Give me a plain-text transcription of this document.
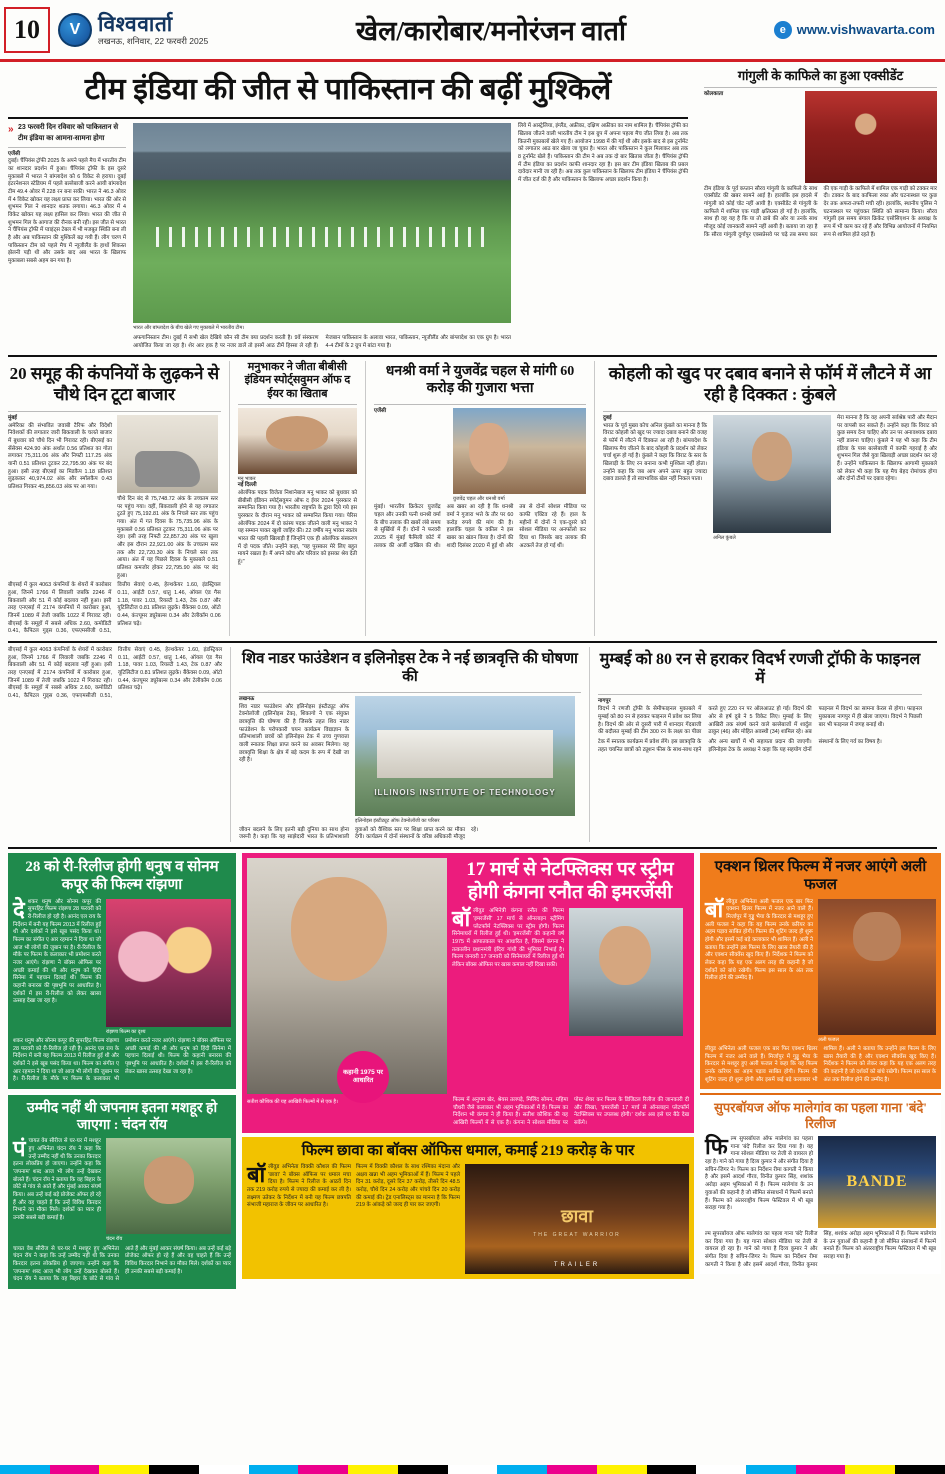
10	V विश्ववार्ता
लखनऊ, शनिवार, 22 फरवरी 2025	खेल/कारोबार/मनोरंजन वार्ता	e www.vishwavarta.com
टीम इंडिया की जीत से पाकिस्तान की बढ़ीं मुश्किलें
» 23 फरवरी दिन रविवार को पाकिस्तान से टीम इंडिया का आमना-सामना होगा
एजेंसी
दुबई। चैंपियंस ट्रॉफी 2025 के अपने पहले मैच में भारतीय टीम का शानदार प्रदर्शन में हुआ। चैंपियंस ट्रॉफी के इस दूसरे मुकाबले में भारत ने बांग्लादेश को 6 विकेट से हराया। दुबई इंटरनेशनल स्टेडियम में पहले बल्लेबाजी करने आयी बांग्लादेश टीम 49.4 ओवर में 228 रन बना सकी। भारत ने 46.3 ओवर में 4 विकेट खोकर यह लक्ष्य प्राप्त कर लिया। भारत की ओर से शुभमन गिल ने शानदार शतक लगाया। 46.3 ओवर में 4 विकेट खोकर यह लक्ष्य हासिल कर लिया। भारत की जीत से शुभमन गिल के आगाज की रौनक बनी रही। इस जीत से भारत ने चैंपियंस ट्रॉफी में प्वाइंट्स टेबल में भी मजबूत स्थिति बना ली है और अब पाकिस्तान की मुश्किलें बढ़ गयी हैं। लीग चरण में पाकिस्तान टीम को पहले मैच में न्यूजीलैंड के हाथों शिकस्त झेलनी पड़ी थी और उसके बाद अब भारत के खिलाफ मुकाबला सबसे अहम बन गया है।
भारत और बांग्लादेश के बीच खेले गए मुकाबले में भारतीय टीम।
अफगानिस्तान टीम। दुबई में सभी खेल देखिये कौन सी टीम क्या प्रदर्शन करती है। 9वें संस्करण आयोजित किया जा रहा है। शेर आर हक है पर नजर डालें तो इसमें आठ टीमें हिस्सा ले रही हैं। मेजबान पाकिस्तान के अलावा भारत, पाकिस्तान, न्यूजीलैंड और बांग्लादेश का एक ग्रुप है। भारत 4-4 टीमों के 2 ग्रुप में बांटा गया है।
लिये में आस्ट्रेलिया, इंग्लैंड, अफ्रीका, दक्षिण अफ्रीका का नाम शामिल है। चैंपियंस ट्रॉफी का खिताब जीतने वाली भारतीय टीम ने इस ग्रुप में अपना पहला मैच जीत लिया है। अब तक कितनी मुकाबलों खेले गए हैं। आयोजन 1998 में की गई थी और इसके बाद से इस टूर्नामेंट को लगातार आठ बार खेला जा चुका है। भारत और पाकिस्तान ने कुल मिलाकर अब तक 8 टूर्नामेंट खेले हैं। पाकिस्तान की टीम ने अब तक दो बार खिताब जीता है। चैंपियंस ट्रॉफी में टीम इंडिया का प्रदर्शन काफी शानदार रहा है। इस बार टीम इंडिया खिताब की प्रबल दावेदार मानी जा रही है। अब तक कुल पाकिस्तान के खिलाफ टीम इंडिया ने चैंपियंस ट्रॉफी में जीत दर्ज की है और पाकिस्तान के खिलाफ अच्छा प्रदर्शन किया है।
गांगुली के काफिले का हुआ एक्सीडेंट
कोलकाता
टीम इंडिया के पूर्व कप्तान सौरव गांगुली के काफिले के साथ एक्सीडेंट की खबर सामने आई है। हालांकि इस हादसे में गांगुली को कोई चोट नहीं आयी है। एक्सीडेंट से गांगुली के काफिले में शामिल एक गाड़ी क्षतिग्रस्त हो गई है। हालांकि, साथ ही वह यह है कि या तो ढाबे की ओर या उनके साथ मौजूद कोई जानकारी सामने नहीं आयी है। बताया जा रहा है कि सौरव गांगुली दुर्गापुर एक्सप्रेसवे पर चढ़े तब समय कार की एक गाड़ी के काफिले में शामिल एक गाड़ी को टक्कर मार दी। टक्कर के बाद काफिला रुका और घटनास्थल पर कुछ देर तक अफरा-तफरी मची रही। हालांकि, स्थानीय पुलिस ने घटनास्थल पर पहुंचकर स्थिति को सामान्य किया। सौरव गांगुली इस समय बंगाल क्रिकेट एसोसिएशन के अध्यक्ष के रूप में भी काम कर रहे हैं और विभिन्न आयोजनों में नियमित रूप से शामिल होते रहते हैं।
20 समूह की कंपनियों के लुढ़कने से चौथे दिन टूटा बाजार
मुंबई
अमेरिका की संभावित जवाबी टैरिफ और विदेशी निवेशकों की लगातार जारी बिकवाली के चलते बाजार में बुधवार को चौथे दिन भी गिरावट रही। बीएसई का सेंसेक्स 424.90 अंक अर्थात 0.56 प्रतिशत का गोता लगाकर 75,311.06 अंक और निफ्टी 117.25 अंक यानी 0.51 प्रतिशत टूटकर 22,795.90 अंक पर बंद हुआ। इसी तरह बीएसई का मिडकैप 1.18 प्रतिशत लुढ़ककर 40,974.02 अंक और स्मॉलकैप 0.43 प्रतिशत गिरकर 45,856.03 अंक पर आ गया।
चौथे दिन बंद से 75,748.72 अंक के उच्चतम स्तर पर पहुंच गया। वहीं, बिकवाली होने से यह लगातार टूटते हुए 75,192.81 अंक के निचले स्तर तक पहुंच गया। अंत में गत दिवस के 75,735.96 अंक के मुकाबले 0.56 प्रतिशत टूटकर 75,311.06 अंक पर रहा। इसी तरह निफ्टी 22,857.20 अंक पर खुला और इस दौरान 22,921.00 अंक के उच्चतम स्तर तक और 22,720.30 अंक के निचले स्तर तक आया। अंत में यह पिछले दिवस के मुकाबले 0.51 प्रतिशत कमजोर होकर 22,795.90 अंक पर बंद हुआ।
बीएसई में कुल 4063 कंपनियों के शेयरों में कारोबार हुआ, जिनमें 1766 में लिवाली जबकि 2246 में बिकवाली और 51 में कोई बदलाव नहीं हुआ। इसी तरह एनएसई में 2174 कंपनियों में कारोबार हुआ, जिनमें 1089 में तेजी जबकि 1022 में गिरावट रही। बीएसई के समूहों में सबसे अधिक 2.60, कमोडिटी 0.41, कैपिटल गुड्स 0.36, एफएमसीजी 0.51, वित्तीय सेवाएं 0.45, हेल्थकेयर 1.60, इंडस्ट्रियल 0.11, आईटी 0.57, धातु 1.46, ऑयल एंड गैस 1.18, पावर 1.03, रियल्टी 1.43, टेक 0.87 और यूटिलिटीज 0.81 प्रतिशत लुढ़के। बैंकेक्स 0.09, ऑटो 0.44, कंज्यूमर ड्यूरेबल्स 0.34 और टेलीकॉम 0.06 प्रतिशत चढ़े।
मनुभाकर ने जीता बीबीसी इंडियन स्पोर्ट्सवुमन ऑफ द ईयर का खिताब
मनु भाकर
नई दिल्ली
ओलंपिक पदक विजेता निशानेबाज मनु भाकर को बुधवार को बीबीसी इंडियन स्पोर्ट्सवुमन ऑफ द ईयर 2024 पुरस्कार से सम्मानित किया गया है। भारतीय राष्ट्रपति के द्वारा दिये गये इस पुरस्कार के दौरान मनु भाकर को सम्मानित किया गया। पेरिस ओलंपिक 2024 में दो कांस्य पदक जीतने वाली मनु भाकर ने यह सम्मान पाकर खुशी जाहिर की। 22 वर्षीय मनु भाकर स्वतंत्र भारत की पहली खिलाड़ी हैं जिन्होंने एक ही ओलंपिक संस्करण में दो पदक जीते। उन्होंने कहा, ''यह पुरस्कार मेरे लिए बहुत मायने रखता है। मैं अपने कोच और परिवार को इसका श्रेय देती हूं।''
धनश्री वर्मा ने युजवेंद्र चहल से मांगी 60 करोड़ की गुजारा भत्ता
एजेंसी
युजवेंद्र चहल और धनश्री वर्मा
मुंबई। भारतीय क्रिकेटर युजवेंद्र चहल और उनकी पत्नी धनश्री वर्मा के बीच तलाक की खबरें लंबे समय से सुर्खियों में हैं। दोनों ने फरवरी 2025 में मुंबई फैमिली कोर्ट में तलाक की अर्जी दाखिल की थी। अब खबर आ रही है कि धनश्री वर्मा ने गुजारा भत्ते के तौर पर 60 करोड़ रुपये की मांग की है। हालांकि चहल के वकील ने इस खबर का खंडन किया है। दोनों की शादी दिसंबर 2020 में हुई थी और तब से दोनों सोशल मीडिया पर काफी एक्टिव रहे हैं। हाल के महीनों में दोनों ने एक-दूसरे को सोशल मीडिया पर अनफॉलो कर दिया था जिसके बाद तलाक की अटकलें तेज हो गई थीं।
कोहली को खुद पर दबाव बनाने से फॉर्म में लौटने में आ रही है दिक्कत : कुंबले
दुबई
भारत के पूर्व मुख्य कोच अनिल कुंबले का मानना है कि विराट कोहली को खुद पर ज्यादा दबाव बनाने की वजह से फॉर्म में लौटने में दिक्कत आ रही है। बांग्लादेश के खिलाफ मैच जीतने के बाद कोहली के प्रदर्शन को लेकर चर्चा शुरू हो गई है। कुंबले ने कहा कि विराट के स्तर के खिलाड़ी के लिए रन बनाना कभी मुश्किल नहीं होता। उन्होंने कहा कि जब आप अपने ऊपर बहुत ज्यादा दबाव डालते हैं तो स्वाभाविक खेल नहीं निकल पाता।
अनिल कुंबले
मेरा मानना है कि वह अपनी सर्वश्रेष्ठ पारी और मैदान पर वापसी कर सकते हैं। उन्होंने कहा कि विराट को कुछ समय देना चाहिए और उन पर अनावश्यक दबाव नहीं डालना चाहिए। कुंबले ने यह भी कहा कि टीम इंडिया के पास बल्लेबाजी में काफी गहराई है और शुभमन गिल जैसे युवा खिलाड़ी अच्छा प्रदर्शन कर रहे हैं। उन्होंने पाकिस्तान के खिलाफ आगामी मुकाबले को लेकर भी कहा कि यह मैच बेहद रोमांचक होगा और दोनों टीमों पर दबाव रहेगा।
बीएसई में कुल 4063 कंपनियों के शेयरों में कारोबार हुआ, जिनमें 1766 में लिवाली जबकि 2246 में बिकवाली और 51 में कोई बदलाव नहीं हुआ। इसी तरह एनएसई में 2174 कंपनियों में कारोबार हुआ, जिनमें 1089 में तेजी जबकि 1022 में गिरावट रही। बीएसई के समूहों में सबसे अधिक 2.60, कमोडिटी 0.41, कैपिटल गुड्स 0.36, एफएमसीजी 0.51, वित्तीय सेवाएं 0.45, हेल्थकेयर 1.60, इंडस्ट्रियल 0.11, आईटी 0.57, धातु 1.46, ऑयल एंड गैस 1.18, पावर 1.03, रियल्टी 1.43, टेक 0.87 और यूटिलिटीज 0.81 प्रतिशत लुढ़के। बैंकेक्स 0.09, ऑटो 0.44, कंज्यूमर ड्यूरेबल्स 0.34 और टेलीकॉम 0.06 प्रतिशत चढ़े।
शिव नाडर फाउंडेशन व इलिनोइस टेक ने नई छात्रवृत्ति की घोषणा की
लखनऊ
शिव नाडर फाउंडेशन और इलिनोइस इंस्टीट्यूट ऑफ टेक्नोलॉजी (इलिनोइस टेक), शिकागो ने एक संयुक्त छात्रवृत्ति की घोषणा की है जिसके तहत शिव नाडर फाउंडेशन के परोपकारी चयन कार्यक्रम विद्याज्ञान के प्रतिभाशाली छात्रों को इलिनोइस टेक में उच्च गुणवत्ता वाली स्नातक शिक्षा प्राप्त करने का अवसर मिलेगा। यह छात्रवृत्ति शिक्षा के क्षेत्र में बड़े कदम के रूप में देखी जा रही है।
ILLINOIS INSTITUTE OF TECHNOLOGY
इलिनोइस इंस्टीट्यूट ऑफ टेक्नोलॉजी का परिसर
जीवन बदलने के लिए इतनी बड़ी दुनिया का साथ होना जरूरी है। कहा कि यह साझेदारी भारत के प्रतिभाशाली युवाओं को वैश्विक स्तर पर शिक्षा प्राप्त करने का मौका देगी। कार्यक्रम में दोनों संस्थानों के वरिष्ठ अधिकारी मौजूद रहे।
मुम्बई को 80 रन से हराकर विदर्भ रणजी ट्रॉफी के फाइनल में
नागपुर
विदर्भ ने रणजी ट्रॉफी के सेमीफाइनल मुकाबले में मुम्बई को 80 रन से हराकर फाइनल में प्रवेश कर लिया है। विदर्भ की ओर से दूसरी पारी में शानदार गेंदबाजी की बदौलत मुम्बई की टीम 300 रन के लक्ष्य का पीछा करते हुए 220 रन पर ऑलआउट हो गई। विदर्भ की ओर से हर्ष दुबे ने 5 विकेट लिए। मुम्बई के लिए आखिरी तक संघर्ष करने वाले बल्लेबाजों में शार्दुल ठाकुर (46) और मोहित अवस्थी (34) शामिल रहे। अब फाइनल में विदर्भ का सामना केरल से होगा। फाइनल मुकाबला नागपुर में ही खेला जाएगा। विदर्भ ने पिछली बार भी फाइनल में जगह बनाई थी।
टेक में स्नातक कार्यक्रम में प्रवेश लेंगे। इस छात्रवृत्ति के तहत चयनित छात्रों को ट्यूशन फीस के साथ-साथ रहने और अन्य खर्चों में भी सहायता प्रदान की जाएगी। इलिनोइस टेक के अध्यक्ष ने कहा कि यह सहयोग दोनों संस्थानों के लिए गर्व का विषय है।
28 को री-रिलीज होगी धनुष व सोनम कपूर की फिल्म रांझणा
दे शकर धनुष और सोनम कपूर की सुपरहिट फिल्म रांझणा 28 फरवरी को री-रिलीज हो रही है। आनंद एल राय के निर्देशन में बनी यह फिल्म 2013 में रिलीज हुई थी और दर्शकों ने इसे खूब पसंद किया था। फिल्म का संगीत ए आर रहमान ने दिया था जो आज भी लोगों की जुबान पर है। री-रिलीज के मौके पर फिल्म के कलाकार भी प्रमोशन करते नजर आएंगे। रांझणा ने बॉक्स ऑफिस पर अच्छी कमाई की थी और धनुष को हिंदी सिनेमा में पहचान दिलाई थी। फिल्म की कहानी बनारस की पृष्ठभूमि पर आधारित है। दर्शकों में इस री-रिलीज को लेकर खासा उत्साह देखा जा रहा है।
रांझणा फिल्म का दृश्य
शकर धनुष और सोनम कपूर की सुपरहिट फिल्म रांझणा 28 फरवरी को री-रिलीज हो रही है। आनंद एल राय के निर्देशन में बनी यह फिल्म 2013 में रिलीज हुई थी और दर्शकों ने इसे खूब पसंद किया था। फिल्म का संगीत ए आर रहमान ने दिया था जो आज भी लोगों की जुबान पर है। री-रिलीज के मौके पर फिल्म के कलाकार भी प्रमोशन करते नजर आएंगे। रांझणा ने बॉक्स ऑफिस पर अच्छी कमाई की थी और धनुष को हिंदी सिनेमा में पहचान दिलाई थी। फिल्म की कहानी बनारस की पृष्ठभूमि पर आधारित है। दर्शकों में इस री-रिलीज को लेकर खासा उत्साह देखा जा रहा है।
उम्मीद नहीं थी जपनाम इतना मशहूर हो जाएगा : चंदन रॉय
पं चायत वेब सीरीज से घर-घर में मशहूर हुए अभिनेता चंदन रॉय ने कहा कि उन्हें उम्मीद नहीं थी कि उनका किरदार इतना लोकप्रिय हो जाएगा। उन्होंने कहा कि 'जपनाम' शब्द आज भी लोग उन्हें देखकर बोलते हैं। चंदन रॉय ने बताया कि वह बिहार के छोटे से गांव से आते हैं और मुंबई आकर संघर्ष किया। अब उन्हें कई बड़े प्रोजेक्ट ऑफर हो रहे हैं और वह चाहते हैं कि उन्हें विविध किरदार निभाने का मौका मिले। दर्शकों का प्यार ही उनकी सबसे बड़ी कमाई है।
चंदन रॉय
चायत वेब सीरीज से घर-घर में मशहूर हुए अभिनेता चंदन रॉय ने कहा कि उन्हें उम्मीद नहीं थी कि उनका किरदार इतना लोकप्रिय हो जाएगा। उन्होंने कहा कि 'जपनाम' शब्द आज भी लोग उन्हें देखकर बोलते हैं। चंदन रॉय ने बताया कि वह बिहार के छोटे से गांव से आते हैं और मुंबई आकर संघर्ष किया। अब उन्हें कई बड़े प्रोजेक्ट ऑफर हो रहे हैं और वह चाहते हैं कि उन्हें विविध किरदार निभाने का मौका मिले। दर्शकों का प्यार ही उनकी सबसे बड़ी कमाई है।
17 मार्च से नेटफ्लिक्स पर स्ट्रीम होगी कंगना रनौत की इमरजेंसी
बॉ लीवुड अभिनेत्री कंगना रनौत की फिल्म 'इमरजेंसी' 17 मार्च से ऑनलाइन स्ट्रीमिंग प्लेटफॉर्म नेटफ्लिक्स पर स्ट्रीम होगी। फिल्म सिनेमाघरों में रिलीज हुई थी। 'इमरजेंसी' की कहानी वर्ष 1975 में आपातकाल पर आधारित है, जिसमें कंगना ने तत्कालीन प्रधानमंत्री इंदिरा गांधी की भूमिका निभाई है। फिल्म जनवरी 17 जनवरी को सिनेमाघरों में रिलीज हुई थी लेकिन बॉक्स ऑफिस पर खास कमाल नहीं दिखा सकी।
कहानी 1975 पर आधारित
सतीश कौशिक की यह आखिरी फिल्मों में से एक है।	फिल्म में अनुपम खेर, श्रेयस तलपड़े, मिलिंद सोमन, महिमा चौधरी जैसे कलाकार भी अहम भूमिकाओं में हैं। फिल्म का निर्देशन भी कंगना ने ही किया है। सतीश कौशिक की यह आखिरी फिल्मों में से एक है। कंगना ने सोशल मीडिया पर पोस्ट शेयर कर फिल्म के डिजिटल रिलीज की जानकारी दी और लिखा, 'इमरजेंसी 17 मार्च से ऑनलाइन प्लेटफॉर्म नेटफ्लिक्स पर उपलब्ध होगी।' दर्शक अब इसे घर बैठे देख सकेंगे।
फिल्म छावा का बॉक्स ऑफिस धमाल, कमाई 219 करोड़ के पार
बॉ लीवुड अभिनेता विक्की कौशल की फिल्म 'छावा' ने बॉक्स ऑफिस पर धमाल मचा दिया है। फिल्म ने रिलीज के आठवें दिन तक 219 करोड़ रुपये से ज्यादा की कमाई कर ली है। लक्ष्मण उतेकर के निर्देशन में बनी यह फिल्म छत्रपति संभाजी महाराज के जीवन पर आधारित है।
फिल्म में विक्की कौशल के साथ रश्मिका मंदाना और अक्षय खन्ना भी अहम भूमिकाओं में हैं। फिल्म ने पहले दिन 31 करोड़, दूसरे दिन 37 करोड़, तीसरे दिन 48.5 करोड़, चौथे दिन 24 करोड़ और पांचवे दिन 20 करोड़ की कमाई की। ट्रेड एनालिस्ट्स का मानना है कि फिल्म 219 के आंकड़े को जल्द ही पार कर जाएगी।
छावा
THE GREAT WARRIOR
TRAILER
एक्शन थ्रिलर फिल्म में नजर आएंगे अली फजल
बॉ लीवुड अभिनेता अली फजल एक बार फिर एक्शन थ्रिलर फिल्म में नजर आने वाले हैं। मिर्जापुर में गुड्डू भैया के किरदार से मशहूर हुए अली फजल ने कहा कि यह फिल्म उनके करियर का अहम पड़ाव साबित होगी। फिल्म की शूटिंग जल्द ही शुरू होगी और इसमें कई बड़े कलाकार भी शामिल हैं। अली ने बताया कि उन्होंने इस फिल्म के लिए खास तैयारी की है और एक्शन सीक्वेंस खुद किए हैं। निर्देशक ने फिल्म को लेकर कहा कि यह एक अलग तरह की कहानी है जो दर्शकों को बांधे रखेगी। फिल्म इस साल के अंत तक रिलीज होने की उम्मीद है।
अली फजल
लीवुड अभिनेता अली फजल एक बार फिर एक्शन थ्रिलर फिल्म में नजर आने वाले हैं। मिर्जापुर में गुड्डू भैया के किरदार से मशहूर हुए अली फजल ने कहा कि यह फिल्म उनके करियर का अहम पड़ाव साबित होगी। फिल्म की शूटिंग जल्द ही शुरू होगी और इसमें कई बड़े कलाकार भी शामिल हैं। अली ने बताया कि उन्होंने इस फिल्म के लिए खास तैयारी की है और एक्शन सीक्वेंस खुद किए हैं। निर्देशक ने फिल्म को लेकर कहा कि यह एक अलग तरह की कहानी है जो दर्शकों को बांधे रखेगी। फिल्म इस साल के अंत तक रिलीज होने की उम्मीद है।
सुपरबॉयज ऑफ मालेगांव का पहला गाना 'बंदे' रिलीज
फि ल्म सुपरबॉयज ऑफ मालेगांव का पहला गाना 'बंदे' रिलीज कर दिया गया है। यह गाना सोशल मीडिया पर तेजी से वायरल हो रहा है। गाने को गाया है दिव्य कुमार ने और संगीत दिया है सचिन-जिगर ने। फिल्म का निर्देशन रीमा कागती ने किया है और इसमें आदर्श गौरव, विनीत कुमार सिंह, शशांक अरोड़ा अहम भूमिकाओं में हैं। फिल्म मालेगांव के उन युवाओं की कहानी है जो सीमित संसाधनों में फिल्में बनाते हैं। फिल्म को अंतरराष्ट्रीय फिल्म फेस्टिवल में भी खूब सराहा गया है।
BANDE
ल्म सुपरबॉयज ऑफ मालेगांव का पहला गाना 'बंदे' रिलीज कर दिया गया है। यह गाना सोशल मीडिया पर तेजी से वायरल हो रहा है। गाने को गाया है दिव्य कुमार ने और संगीत दिया है सचिन-जिगर ने। फिल्म का निर्देशन रीमा कागती ने किया है और इसमें आदर्श गौरव, विनीत कुमार सिंह, शशांक अरोड़ा अहम भूमिकाओं में हैं। फिल्म मालेगांव के उन युवाओं की कहानी है जो सीमित संसाधनों में फिल्में बनाते हैं। फिल्म को अंतरराष्ट्रीय फिल्म फेस्टिवल में भी खूब सराहा गया है।
